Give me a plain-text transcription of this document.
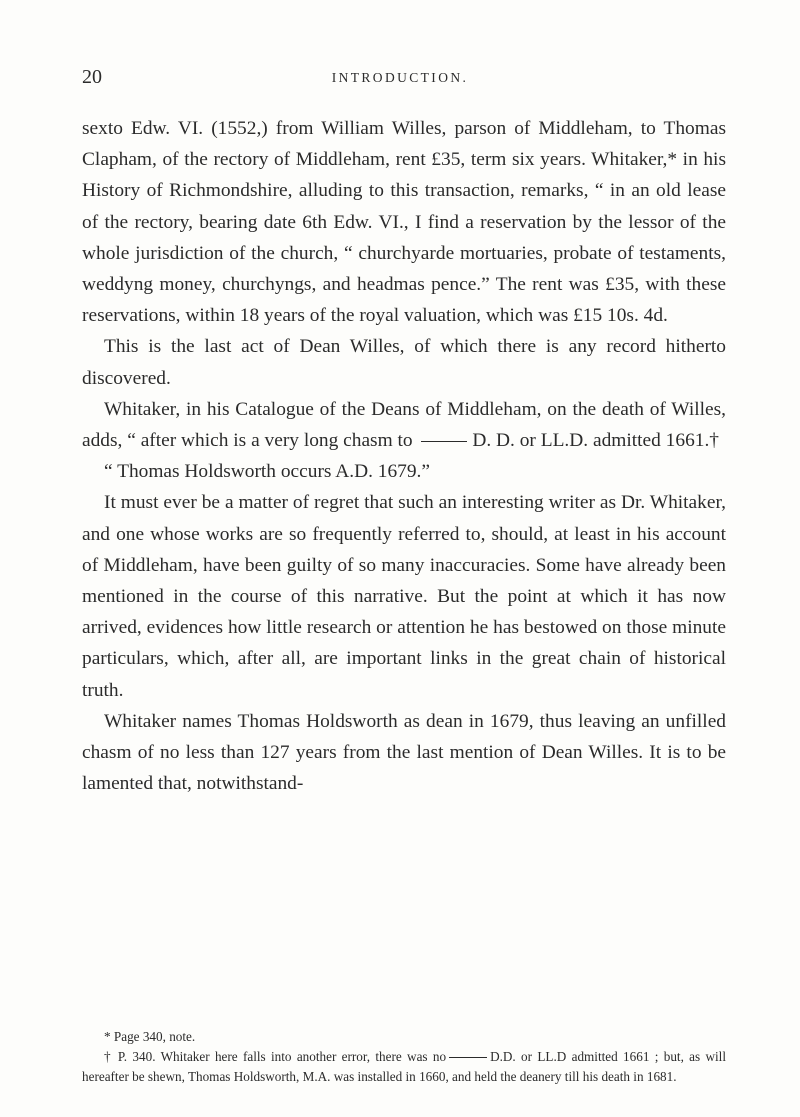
20	INTRODUCTION.

sexto Edw. VI. (1552,) from William Willes, parson of Middleham, to Thomas Clapham, of the rectory of Middleham, rent £35, term six years. Whitaker,* in his History of Richmondshire, alluding to this transaction, remarks, “ in an old lease of the rectory, bearing date 6th Edw. VI., I find a reservation by the lessor of the whole jurisdiction of the church, “ churchyarde mortuaries, probate of testaments, weddyng money, churchyngs, and headmas pence.” The rent was £35, with these reservations, within 18 years of the royal valuation, which was £15 10s. 4d.

This is the last act of Dean Willes, of which there is any record hitherto discovered.

Whitaker, in his Catalogue of the Deans of Middleham, on the death of Willes, adds, “ after which is a very long chasm to	D. D. or LL.D. admitted 1661.†

“ Thomas Holdsworth occurs A.D. 1679.”

It must ever be a matter of regret that such an interesting writer as Dr. Whitaker, and one whose works are so frequently referred to, should, at least in his account of Middleham, have been guilty of so many inaccuracies. Some have already been mentioned in the course of this narrative. But the point at which it has now arrived, evidences how little research or attention he has bestowed on those minute particulars, which, after all, are important links in the great chain of historical truth.

Whitaker names Thomas Holdsworth as dean in 1679, thus leaving an unfilled chasm of no less than 127 years from the last mention of Dean Willes. It is to be lamented that, notwithstand-

* Page 340, note.

† P. 340. Whitaker here falls into another error, there was no	D.D. or LL.D admitted 1661 ; but, as will hereafter be shewn, Thomas Holdsworth, M.A. was installed in 1660, and held the deanery till his death in 1681.
